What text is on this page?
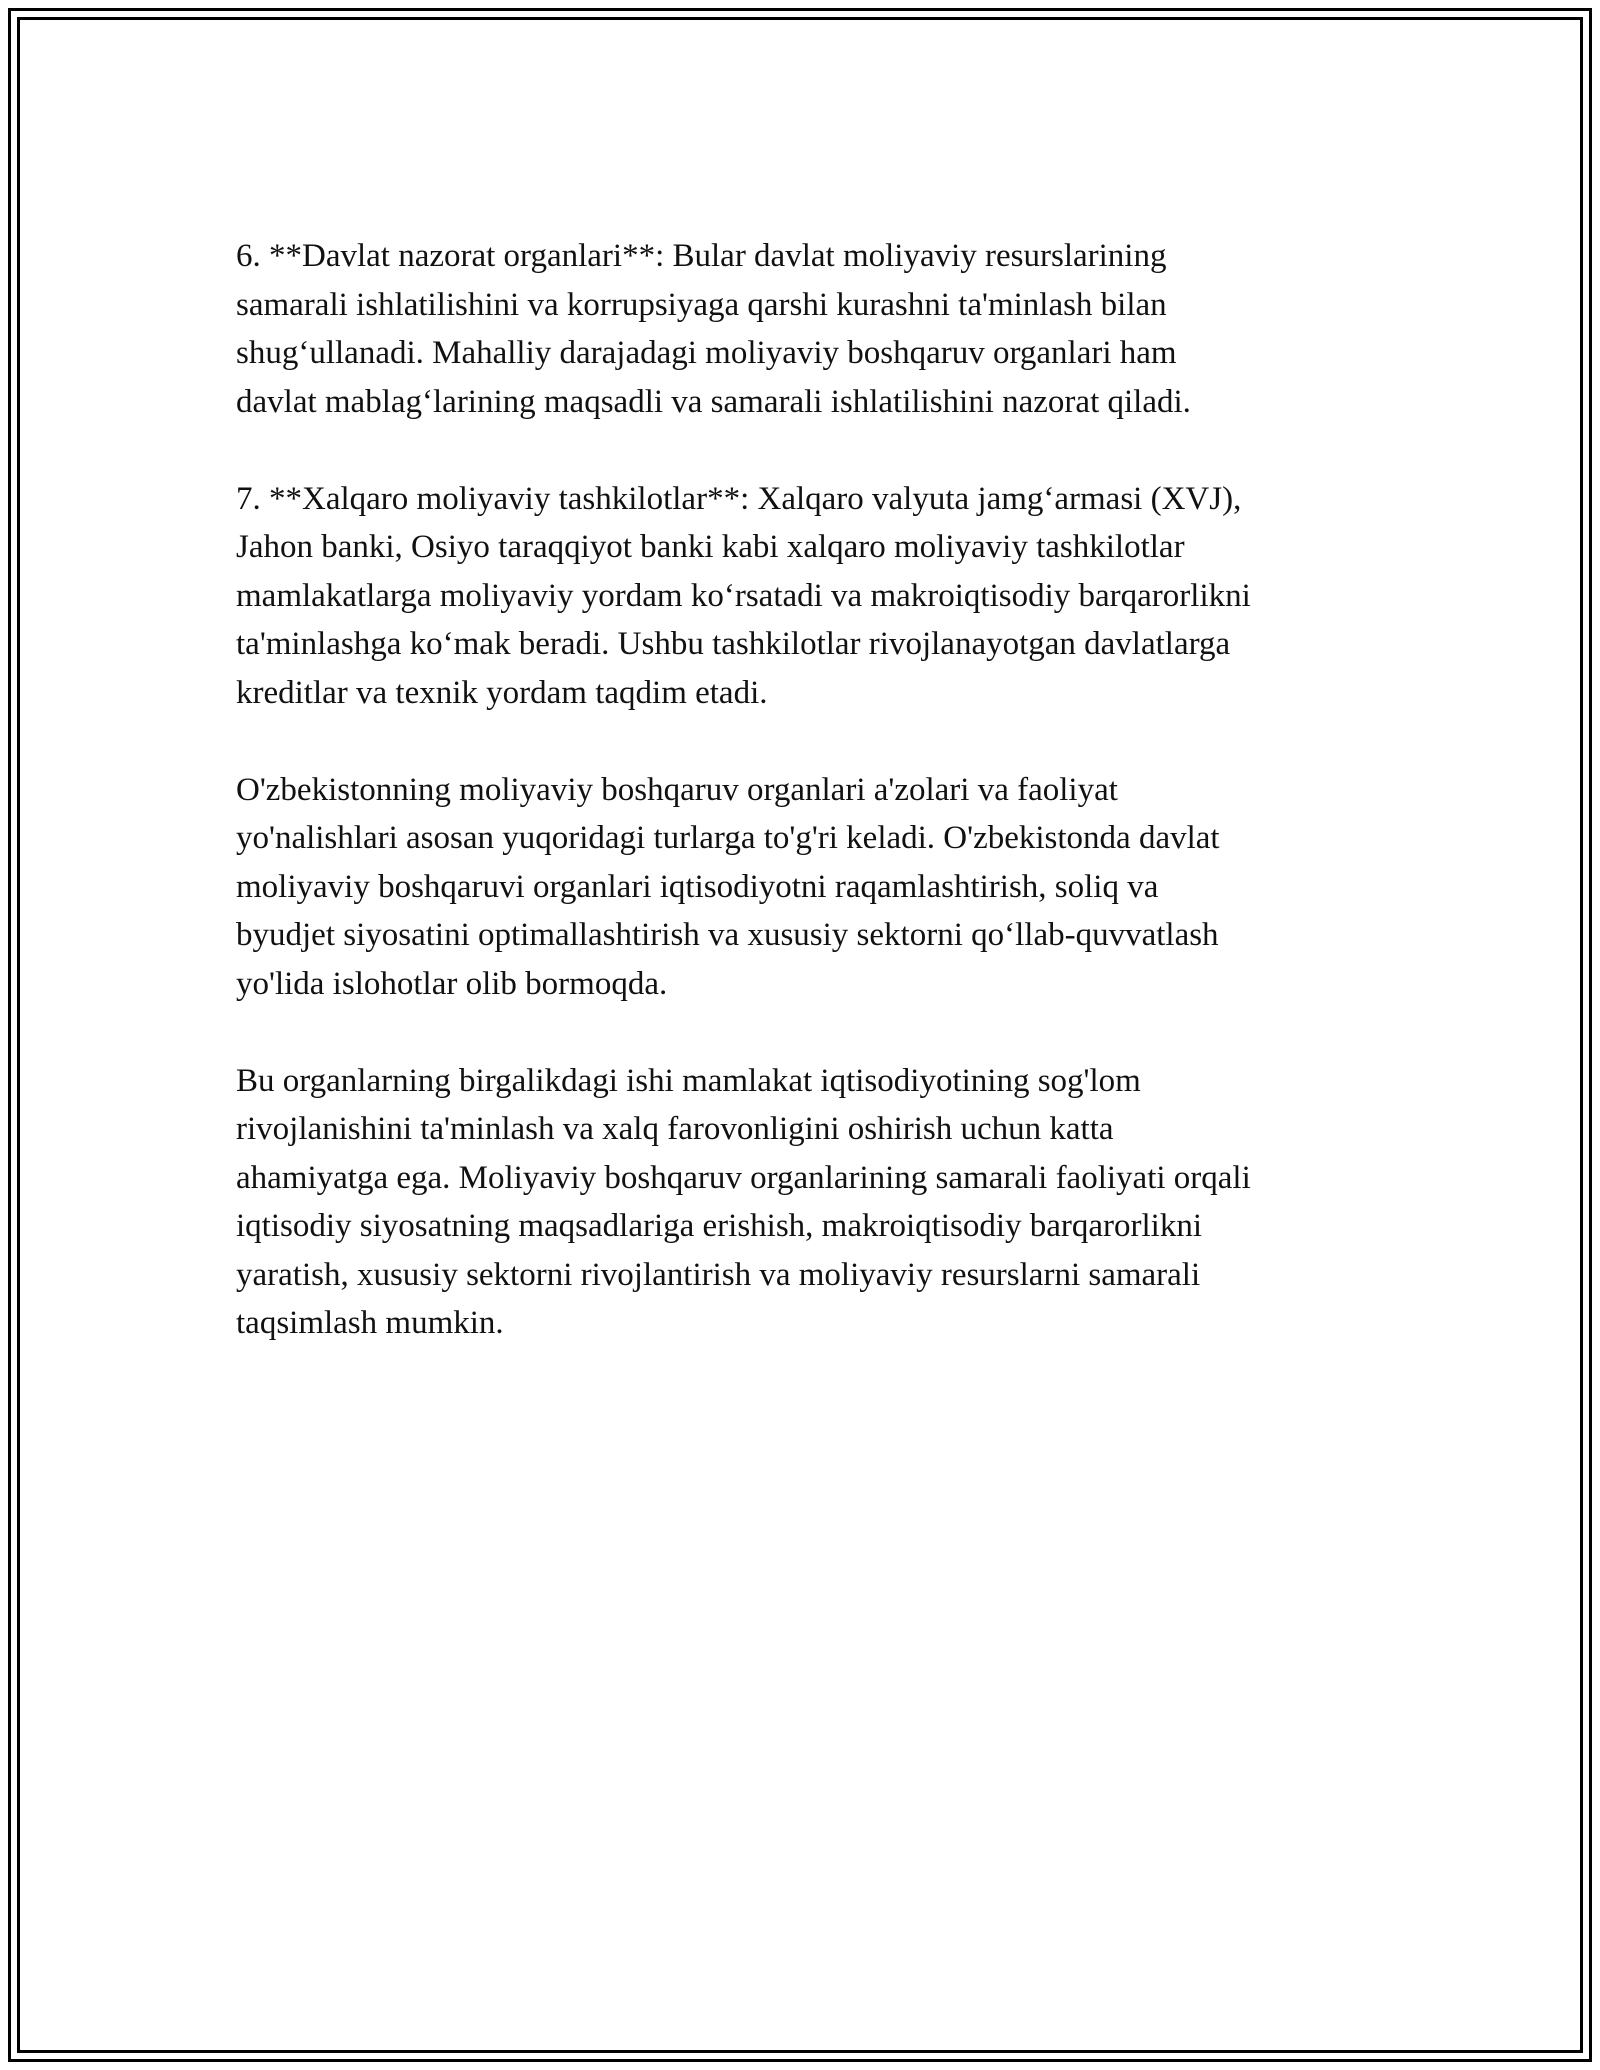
6. **Davlat nazorat organlari**: Bular davlat moliyaviy resurslarining
samarali ishlatilishini va korrupsiyaga qarshi kurashni ta'minlash bilan
shug‘ullanadi. Mahalliy darajadagi moliyaviy boshqaruv organlari ham
davlat mablag‘larining maqsadli va samarali ishlatilishini nazorat qiladi.

7. **Xalqaro moliyaviy tashkilotlar**: Xalqaro valyuta jamg‘armasi (XVJ),
Jahon banki, Osiyo taraqqiyot banki kabi xalqaro moliyaviy tashkilotlar
mamlakatlarga moliyaviy yordam ko‘rsatadi va makroiqtisodiy barqarorlikni
ta'minlashga ko‘mak beradi. Ushbu tashkilotlar rivojlanayotgan davlatlarga
kreditlar va texnik yordam taqdim etadi.

O'zbekistonning moliyaviy boshqaruv organlari a'zolari va faoliyat
yo'nalishlari asosan yuqoridagi turlarga to'g'ri keladi. O'zbekistonda davlat
moliyaviy boshqaruvi organlari iqtisodiyotni raqamlashtirish, soliq va
byudjet siyosatini optimallashtirish va xususiy sektorni qo‘llab-quvvatlash
yo'lida islohotlar olib bormoqda.

Bu organlarning birgalikdagi ishi mamlakat iqtisodiyotining sog'lom
rivojlanishini ta'minlash va xalq farovonligini oshirish uchun katta
ahamiyatga ega. Moliyaviy boshqaruv organlarining samarali faoliyati orqali
iqtisodiy siyosatning maqsadlariga erishish, makroiqtisodiy barqarorlikni
yaratish, xususiy sektorni rivojlantirish va moliyaviy resurslarni samarali
taqsimlash mumkin.
